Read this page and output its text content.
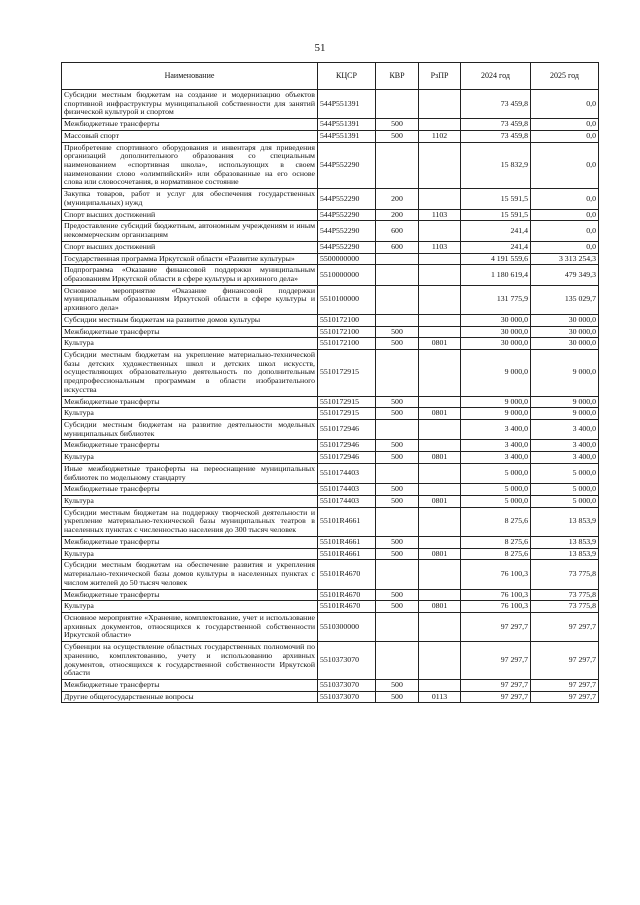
51
Наименование	КЦСР	КВР	РзПР	2024 год	2025 год
Субсидии местным бюджетам на создание и модернизацию объектов спортивной инфраструктуры муниципальной собственности для занятий физической культурой и спортом	544P551391			73 459,8	0,0
Межбюджетные трансферты	544P551391	500		73 459,8	0,0
Массовый спорт	544P551391	500	1102	73 459,8	0,0
Приобретение спортивного оборудования и инвентаря для приведения организаций дополнительного образования со специальным наименованием «спортивная школа», использующих в своем наименовании слово «олимпийский» или образованные на его основе слова или словосочетания, в нормативное состояние	544P552290			15 832,9	0,0
Закупка товаров, работ и услуг для обеспечения государственных (муниципальных) нужд	544P552290	200		15 591,5	0,0
Спорт высших достижений	544P552290	200	1103	15 591,5	0,0
Предоставление субсидий бюджетным, автономным учреждениям и иным некоммерческим организациям	544P552290	600		241,4	0,0
Спорт высших достижений	544P552290	600	1103	241,4	0,0
Государственная программа Иркутской области «Развитие культуры»	5500000000			4 191 559,6	3 313 254,3
Подпрограмма «Оказание финансовой поддержки муниципальным образованиям Иркутской области в сфере культуры и архивного дела»	5510000000			1 180 619,4	479 349,3
Основное мероприятие «Оказание финансовой поддержки муниципальным образованиям Иркутской области в сфере культуры и архивного дела»	5510100000			131 775,9	135 029,7
Субсидии местным бюджетам на развитие домов культуры	5510172100			30 000,0	30 000,0
Межбюджетные трансферты	5510172100	500		30 000,0	30 000,0
Культура	5510172100	500	0801	30 000,0	30 000,0
Субсидии местным бюджетам на укрепление материально-технической базы детских художественных школ и детских школ искусств, осуществляющих образовательную деятельность по дополнительным предпрофессиональным программам в области изобразительного искусства	5510172915			9 000,0	9 000,0
Межбюджетные трансферты	5510172915	500		9 000,0	9 000,0
Культура	5510172915	500	0801	9 000,0	9 000,0
Субсидии местным бюджетам на развитие деятельности модельных муниципальных библиотек	5510172946			3 400,0	3 400,0
Межбюджетные трансферты	5510172946	500		3 400,0	3 400,0
Культура	5510172946	500	0801	3 400,0	3 400,0
Иные межбюджетные трансферты на переоснащение муниципальных библиотек по модельному стандарту	5510174403			5 000,0	5 000,0
Межбюджетные трансферты	5510174403	500		5 000,0	5 000,0
Культура	5510174403	500	0801	5 000,0	5 000,0
Субсидии местным бюджетам на поддержку творческой деятельности и укрепление материально-технической базы муниципальных театров в населенных пунктах с численностью населения до 300 тысяч человек	55101R4661			8 275,6	13 853,9
Межбюджетные трансферты	55101R4661	500		8 275,6	13 853,9
Культура	55101R4661	500	0801	8 275,6	13 853,9
Субсидии местным бюджетам на обеспечение развития и укрепления материально-технической базы домов культуры в населенных пунктах с числом жителей до 50 тысяч человек	55101R4670			76 100,3	73 775,8
Межбюджетные трансферты	55101R4670	500		76 100,3	73 775,8
Культура	55101R4670	500	0801	76 100,3	73 775,8
Основное мероприятие «Хранение, комплектование, учет и использование архивных документов, относящихся к государственной собственности Иркутской области»	5510300000			97 297,7	97 297,7
Субвенции на осуществление областных государственных полномочий по хранению, комплектованию, учету и использованию архивных документов, относящихся к государственной собственности Иркутской области	5510373070			97 297,7	97 297,7
Межбюджетные трансферты	5510373070	500		97 297,7	97 297,7
Другие общегосударственные вопросы	5510373070	500	0113	97 297,7	97 297,7
